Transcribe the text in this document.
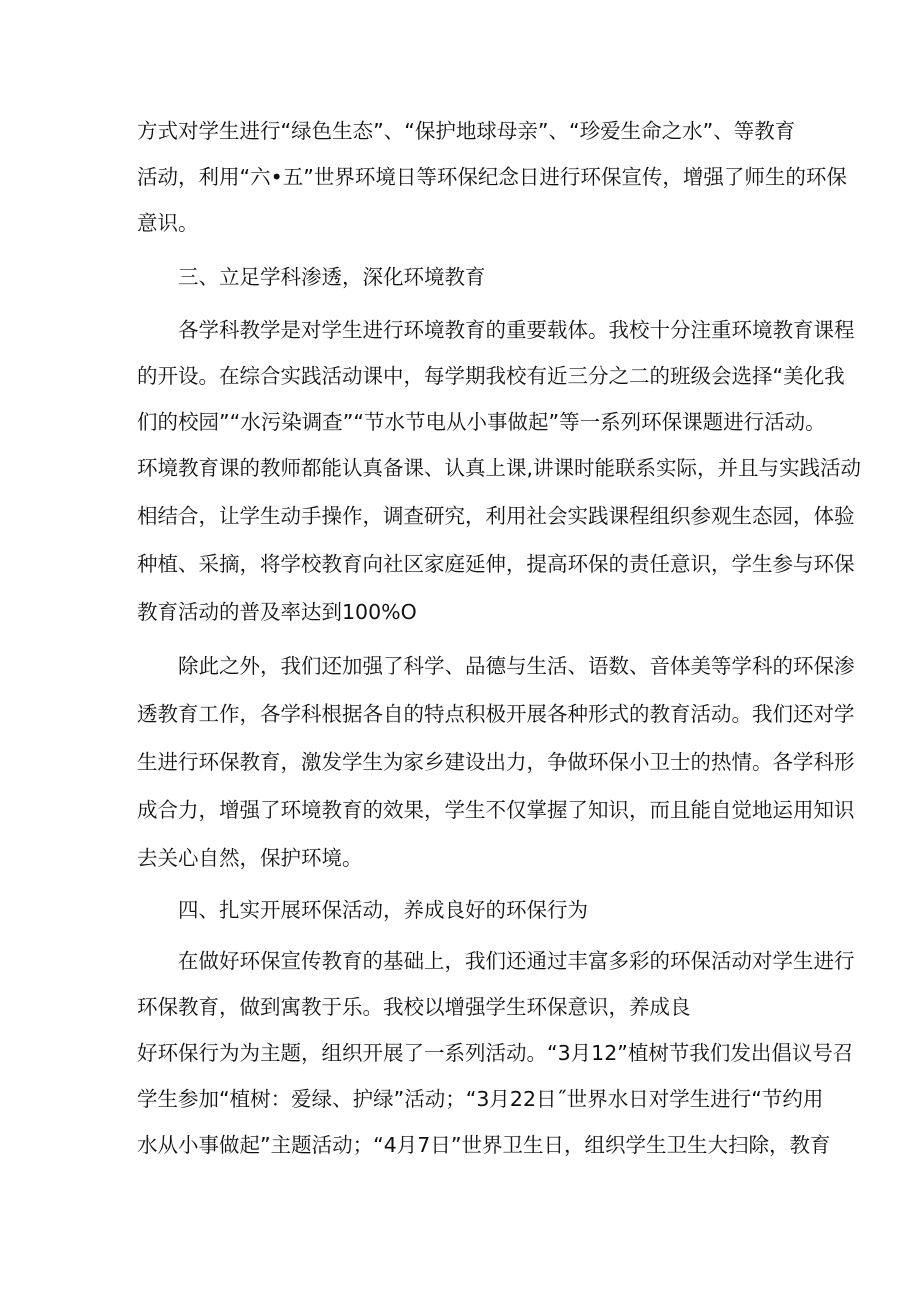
方式对学生进行“绿色生态”、“保护地球母亲”、“珍爱生命之水”、等教育
活动，利用“六•五”世界环境日等环保纪念日进行环保宣传，增强了师生的环保
意识。
三、立足学科渗透，深化环境教育
各学科教学是对学生进行环境教育的重要载体。我校十分注重环境教育课程
的开设。在综合实践活动课中，每学期我校有近三分之二的班级会选择“美化我
们的校园”“水污染调查”“节水节电从小事做起”等一系列环保课题进行活动。
环境教育课的教师都能认真备课、认真上课,讲课时能联系实际，并且与实践活动
相结合，让学生动手操作，调查研究，利用社会实践课程组织参观生态园，体验
种植、采摘，将学校教育向社区家庭延伸，提高环保的责任意识，学生参与环保
教育活动的普及率达到100%O
除此之外，我们还加强了科学、品德与生活、语数、音体美等学科的环保渗
透教育工作，各学科根据各自的特点积极开展各种形式的教育活动。我们还对学
生进行环保教育，激发学生为家乡建设出力，争做环保小卫士的热情。各学科形
成合力，增强了环境教育的效果，学生不仅掌握了知识，而且能自觉地运用知识
去关心自然，保护环境。
四、扎实开展环保活动，养成良好的环保行为
在做好环保宣传教育的基础上，我们还通过丰富多彩的环保活动对学生进行
环保教育，做到寓教于乐。我校以增强学生环保意识，养成良
好环保行为为主题，组织开展了一系列活动。“3月12”植树节我们发出倡议号召
学生参加“植树：爱绿、护绿”活动；“3月22日˝世界水日对学生进行“节约用
水从小事做起”主题活动；“4月7日”世界卫生日，组织学生卫生大扫除，教育
